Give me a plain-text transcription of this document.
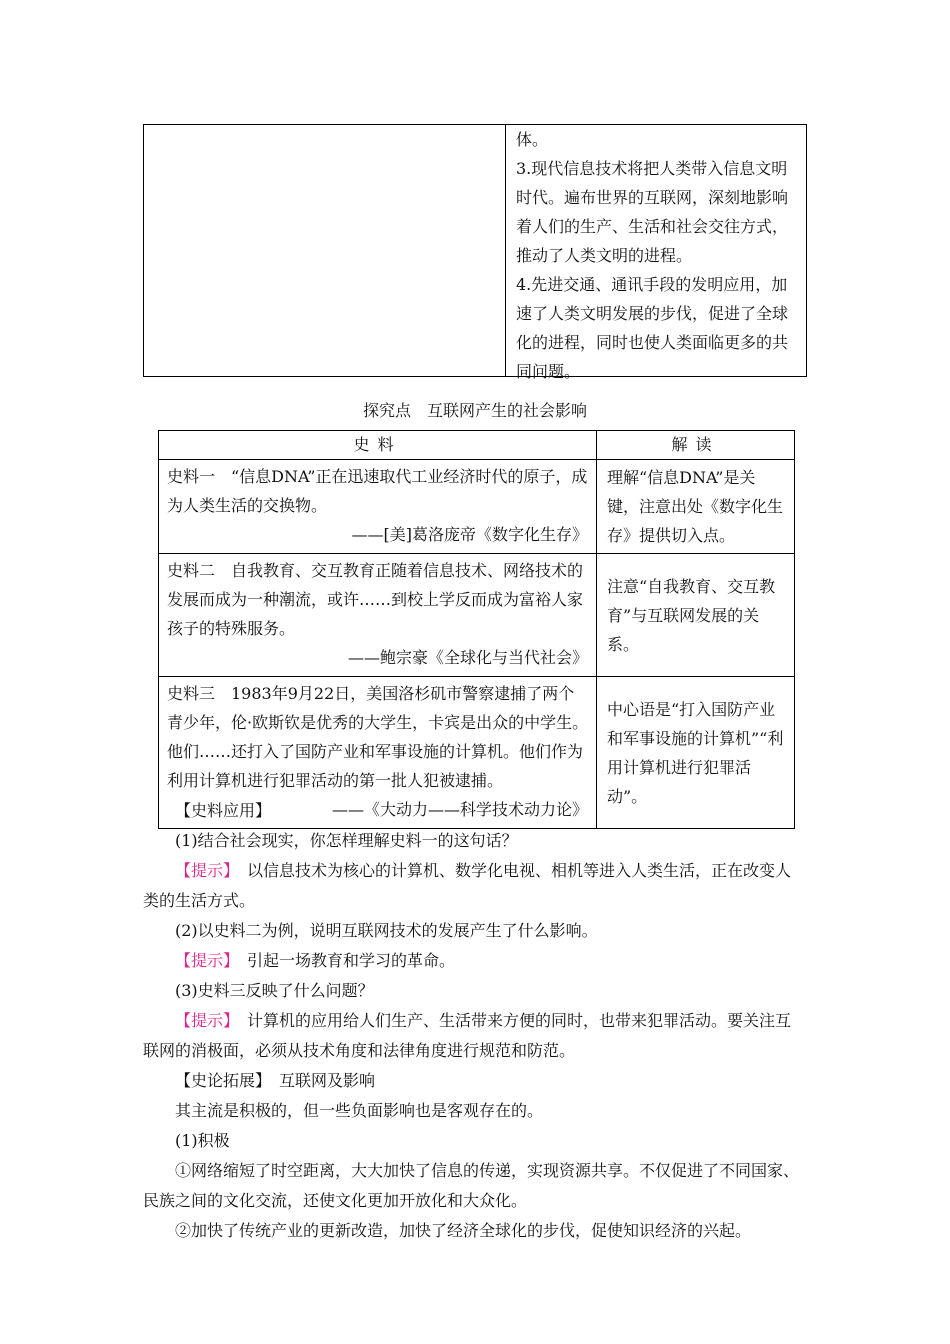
体。

3.现代信息技术将把人类带入信息文明时代。遍布世界的互联网，深刻地影响着人们的生产、生活和社会交往方式，推动了人类文明的进程。

4.先进交通、通讯手段的发明应用，加速了人类文明发展的步伐，促进了全球化的进程，同时也使人类面临更多的共同问题。

探究点　互联网产生的社会影响
史料	解读

史料一　“信息DNA”正在迅速取代工业经济时代的原子，成为人类生活的交换物。

——[美]葛洛庞帝《数字化生存》	理解“信息DNA”是关键，注意出处《数字化生存》提供切入点。

史料二　自我教育、交互教育正随着信息技术、网络技术的发展而成为一种潮流，或许……到校上学反而成为富裕人家孩子的特殊服务。

——鲍宗豪《全球化与当代社会》	注意“自我教育、交互教育”与互联网发展的关系。

史料三　1983年9月22日，美国洛杉矶市警察逮捕了两个青少年，伦·欧斯钦是优秀的大学生，卡宾是出众的中学生。他们……还打入了国防产业和军事设施的计算机。他们作为利用计算机进行犯罪活动的第一批人犯被逮捕。

——《大动力——科学技术动力论》	中心语是“打入国防产业和军事设施的计算机”“利用计算机进行犯罪活动”。

【史料应用】

(1)结合社会现实，你怎样理解史料一的这句话？

【提示】　以信息技术为核心的计算机、数学化电视、相机等进入人类生活，正在改变人类的生活方式。

(2)以史料二为例，说明互联网技术的发展产生了什么影响。

【提示】　引起一场教育和学习的革命。

(3)史料三反映了什么问题？

【提示】　计算机的应用给人们生产、生活带来方便的同时，也带来犯罪活动。要关注互联网的消极面，必须从技术角度和法律角度进行规范和防范。

【史论拓展】　互联网及影响

其主流是积极的，但一些负面影响也是客观存在的。

(1)积极

①网络缩短了时空距离，大大加快了信息的传递，实现资源共享。不仅促进了不同国家、民族之间的文化交流，还使文化更加开放化和大众化。

②加快了传统产业的更新改造，加快了经济全球化的步伐，促使知识经济的兴起。
